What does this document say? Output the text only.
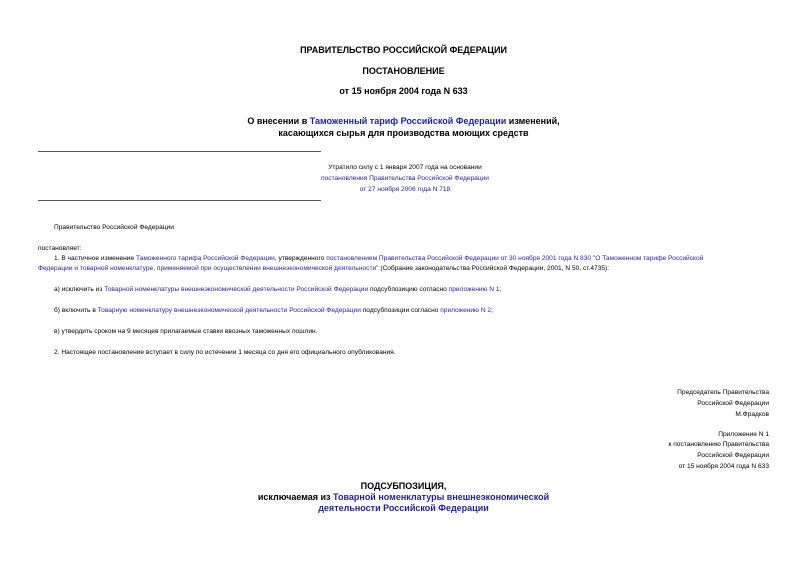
ПРАВИТЕЛЬСТВО РОССИЙСКОЙ ФЕДЕРАЦИИ
ПОСТАНОВЛЕНИЕ
от 15 ноября 2004 года N 633
О внесении в Таможенный тариф Российской Федерации изменений,
касающихся сырья для производства моющих средств
Утратило силу с 1 января 2007 года на основании
постановления Правительства Российской Федерации
от 27 ноября 2006 года N 718
Правительство Российской Федерации
постановляет:
1. В частичное изменение Таможенного тарифа Российской Федерации, утвержденного постановлением Правительства Российской Федерации от 30 ноября 2001 года N 830 "О Таможенном тарифе Российской
Федерации и товарной номенклатуре, применяемой при осуществлении внешнеэкономической деятельности" (Собрание законодательства Российской Федерации, 2001, N 50, ст.4735):
а) исключить из Товарной номенклатуры внешнеэкономической деятельности Российской Федерации подсубпозицию согласно приложению N 1;
б) включить в Товарную номенклатуру внешнеэкономической деятельности Российской Федерации подсубпозиции согласно приложению N 2;
в) утвердить сроком на 9 месяцев прилагаемые ставки ввозных таможенных пошлин.
2. Настоящее постановление вступает в силу по истечении 1 месяца со дня его официального опубликования.
Председатель Правительства
Российской Федерации
М.Фрадков
Приложение N 1
к постановлению Правительства
Российской Федерации
от 15 ноября 2004 года N 633
ПОДСУБПОЗИЦИЯ,
исключаемая из Товарной номенклатуры внешнеэкономической
деятельности Российской Федерации
